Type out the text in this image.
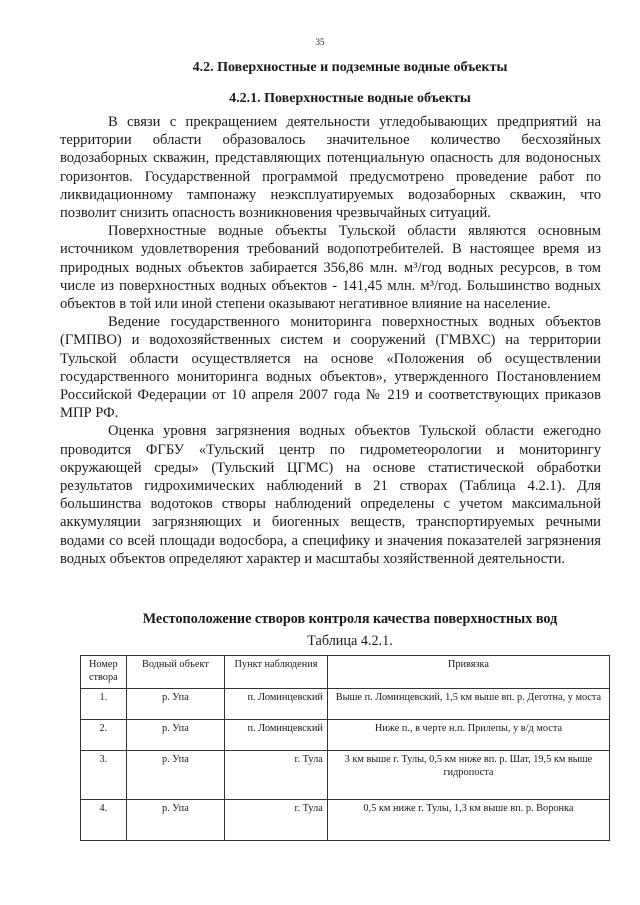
35
4.2. Поверхностные и подземные водные объекты
4.2.1. Поверхностные водные объекты

В связи с прекращением деятельности угледобывающих предприятий на территории области образовалось значительное количество бесхозяйных водозаборных скважин, представляющих потенциальную опасность для водоносных горизонтов. Государственной программой предусмотрено проведение работ по ликвидационному тампонажу неэксплуатируемых водозаборных скважин, что позволит снизить опасность возникновения чрезвычайных ситуаций.

Поверхностные водные объекты Тульской области являются основным источником удовлетворения требований водопотребителей. В настоящее время из природных водных объектов забирается 356,86 млн. м³/год водных ресурсов, в том числе из поверхностных водных объектов - 141,45 млн. м³/год. Большинство водных объектов в той или иной степени оказывают негативное влияние на население.

Ведение государственного мониторинга поверхностных водных объектов (ГМПВО) и водохозяйственных систем и сооружений (ГМВХС) на территории Тульской области осуществляется на основе «Положения об осуществлении государственного мониторинга водных объектов», утвержденного Постановлением Российской Федерации от 10 апреля 2007 года № 219 и соответствующих приказов МПР РФ.

Оценка уровня загрязнения водных объектов Тульской области ежегодно проводится ФГБУ «Тульский центр по гидрометеорологии и мониторингу окружающей среды» (Тульский ЦГМС) на основе статистической обработки результатов гидрохимических наблюдений в 21 створах (Таблица 4.2.1). Для большинства водотоков створы наблюдений определены с учетом максимальной аккумуляции загрязняющих и биогенных веществ, транспортируемых речными водами со всей площади водосбора, а специфику и значения показателей загрязнения водных объектов определяют характер и масштабы хозяйственной деятельности.

Местоположение створов контроля качества поверхностных вод
Таблица 4.2.1.
Номер створа	Водный объект	Пункт наблюдения	Привязка
1.	р. Упа	п. Ломинцевский	Выше п. Ломинцевский, 1,5 км выше вп. р. Деготна, у моста
2.	р. Упа	п. Ломинцевский	Ниже п., в черте н.п. Прилепы, у в/д моста
3.	р. Упа	г. Тула	3 км выше г. Тулы, 0,5 км ниже вп. р. Шат, 19,5 км выше гидропоста
4.	р. Упа	г. Тула	0,5 км ниже г. Тулы, 1,3 км выше вп. р. Воронка
